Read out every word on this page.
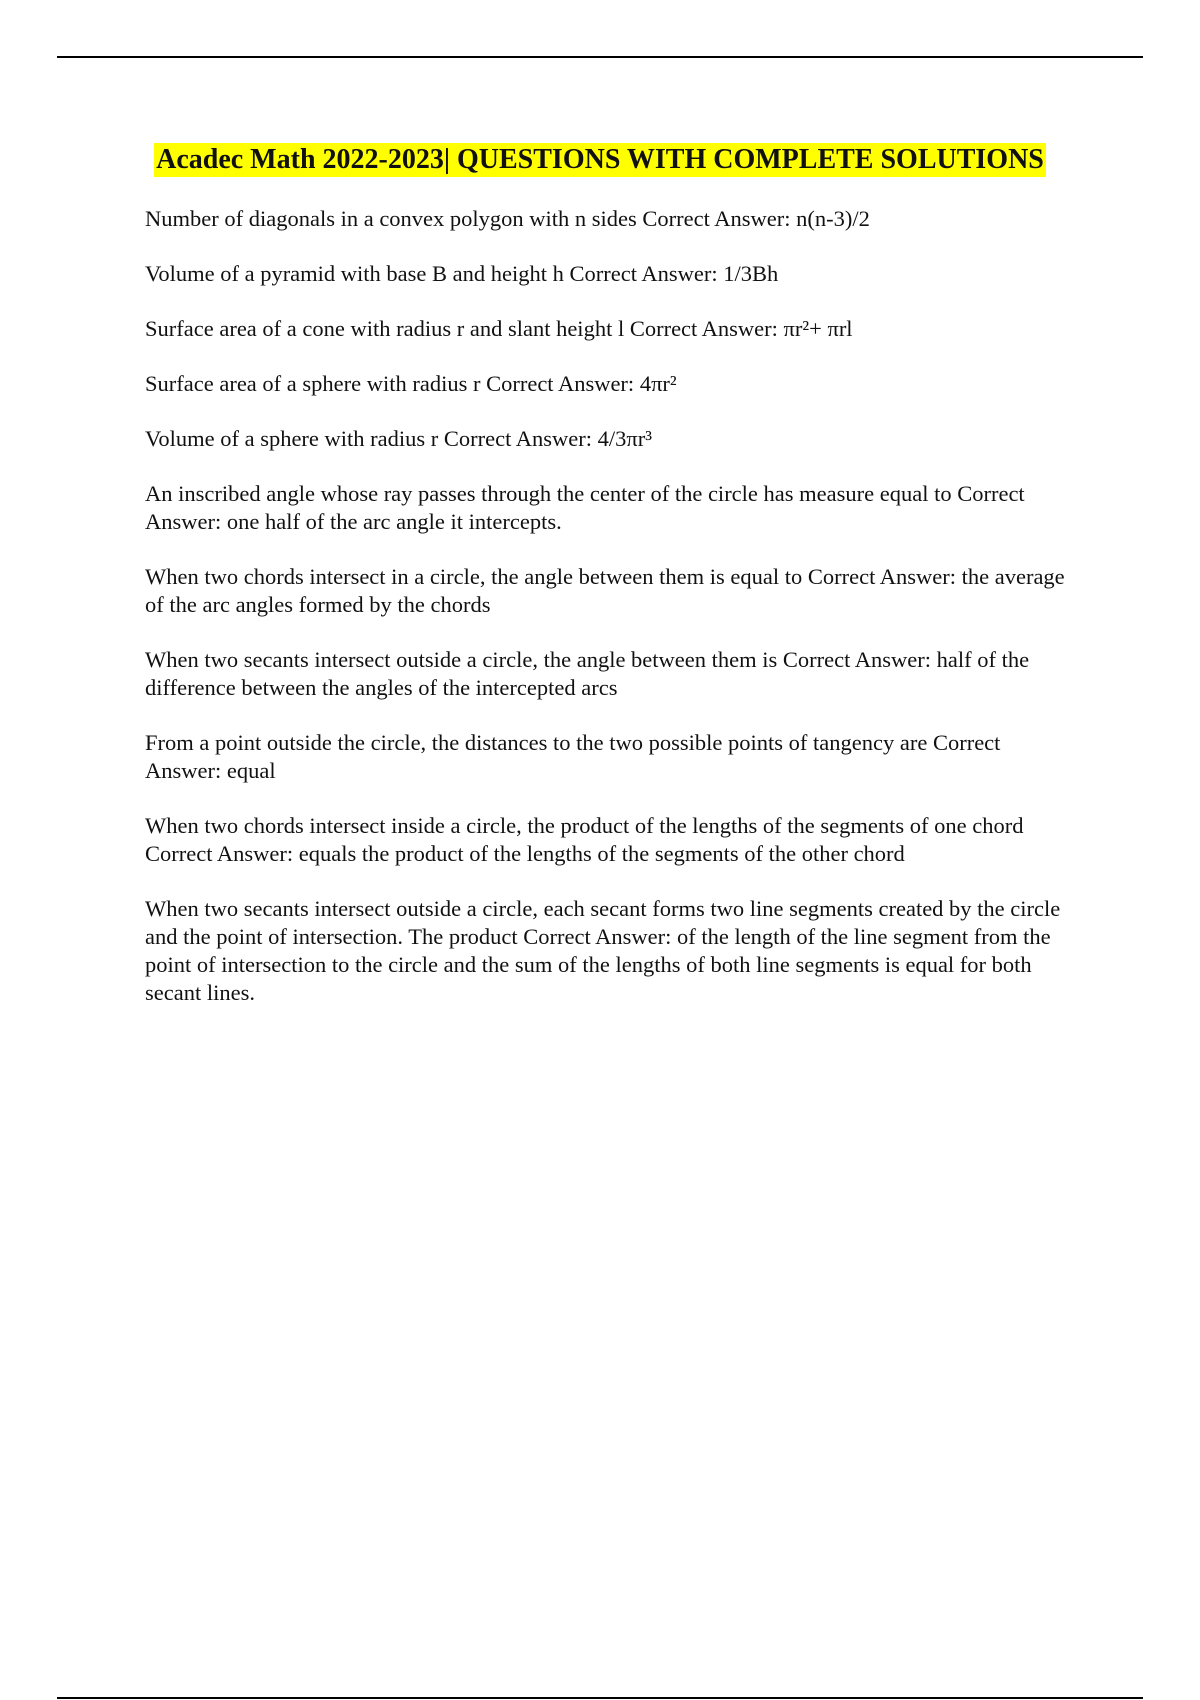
Acadec Math 2022-2023| QUESTIONS WITH COMPLETE SOLUTIONS
Number of diagonals in a convex polygon with n sides Correct Answer: n(n-3)/2
Volume of a pyramid with base B and height h Correct Answer: 1/3Bh
Surface area of a cone with radius r and slant height l Correct Answer: πr²+ πrl
Surface area of a sphere with radius r Correct Answer: 4πr²
Volume of a sphere with radius r Correct Answer: 4/3πr³
An inscribed angle whose ray passes through the center of the circle has measure equal to Correct Answer: one half of the arc angle it intercepts.
When two chords intersect in a circle, the angle between them is equal to Correct Answer: the average of the arc angles formed by the chords
When two secants intersect outside a circle, the angle between them is Correct Answer: half of the difference between the angles of the intercepted arcs
From a point outside the circle, the distances to the two possible points of tangency are Correct Answer: equal
When two chords intersect inside a circle, the product of the lengths of the segments of one chordCorrect Answer: equals the product of the lengths of the segments of the other chord
When two secants intersect outside a circle, each secant forms two line segments created by the circle and the point of intersection. The product Correct Answer: of the length of the line segment from the point of intersection to the circle and the sum of the lengths of both line segments is equal for both secant lines.
